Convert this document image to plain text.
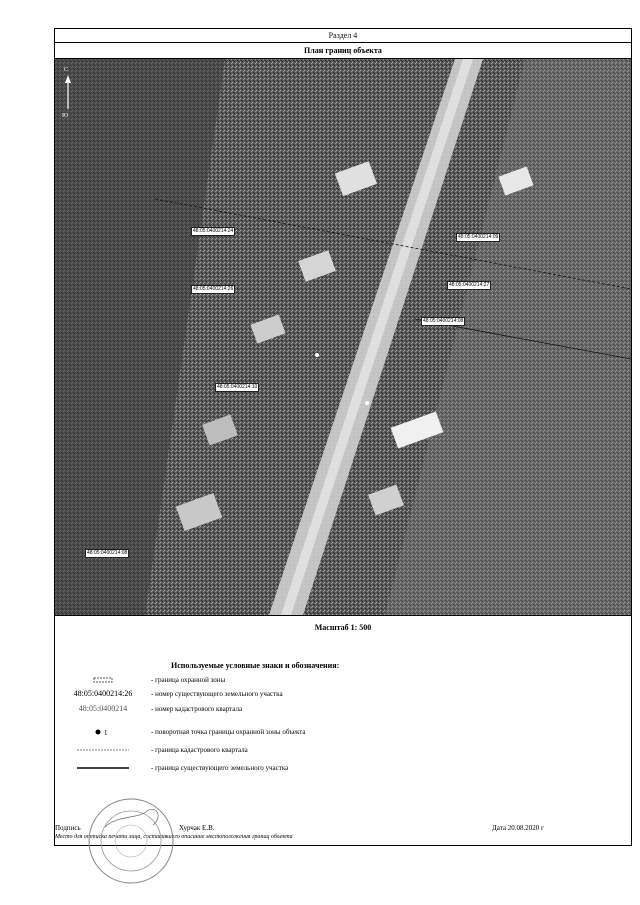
Раздел 4
План границ объекта
С
Ю
48:05:0400214:24
48:05:0400214:26
48:05:0400214:10
48:05:0400214:09
48:05:0400214:27
48:05:0400214:08
48:05:0400214:08
Масштаб 1: 500
Используемые условные знаки и обозначения:
- граница охранной зоны
48:05:0400214:26	- номер существующего земельного участка
48:05:0400214	- номер кадастрового квартала
1	- поворотная точка границы охранной зоны объекта
- граница кадастрового квартала
- граница существующего земельного участка
Подпись	Хурчак Е.В.	Дата 20.08.2020 г
Место для оттиска печати лица, составившего описание местоположения границ объекта
